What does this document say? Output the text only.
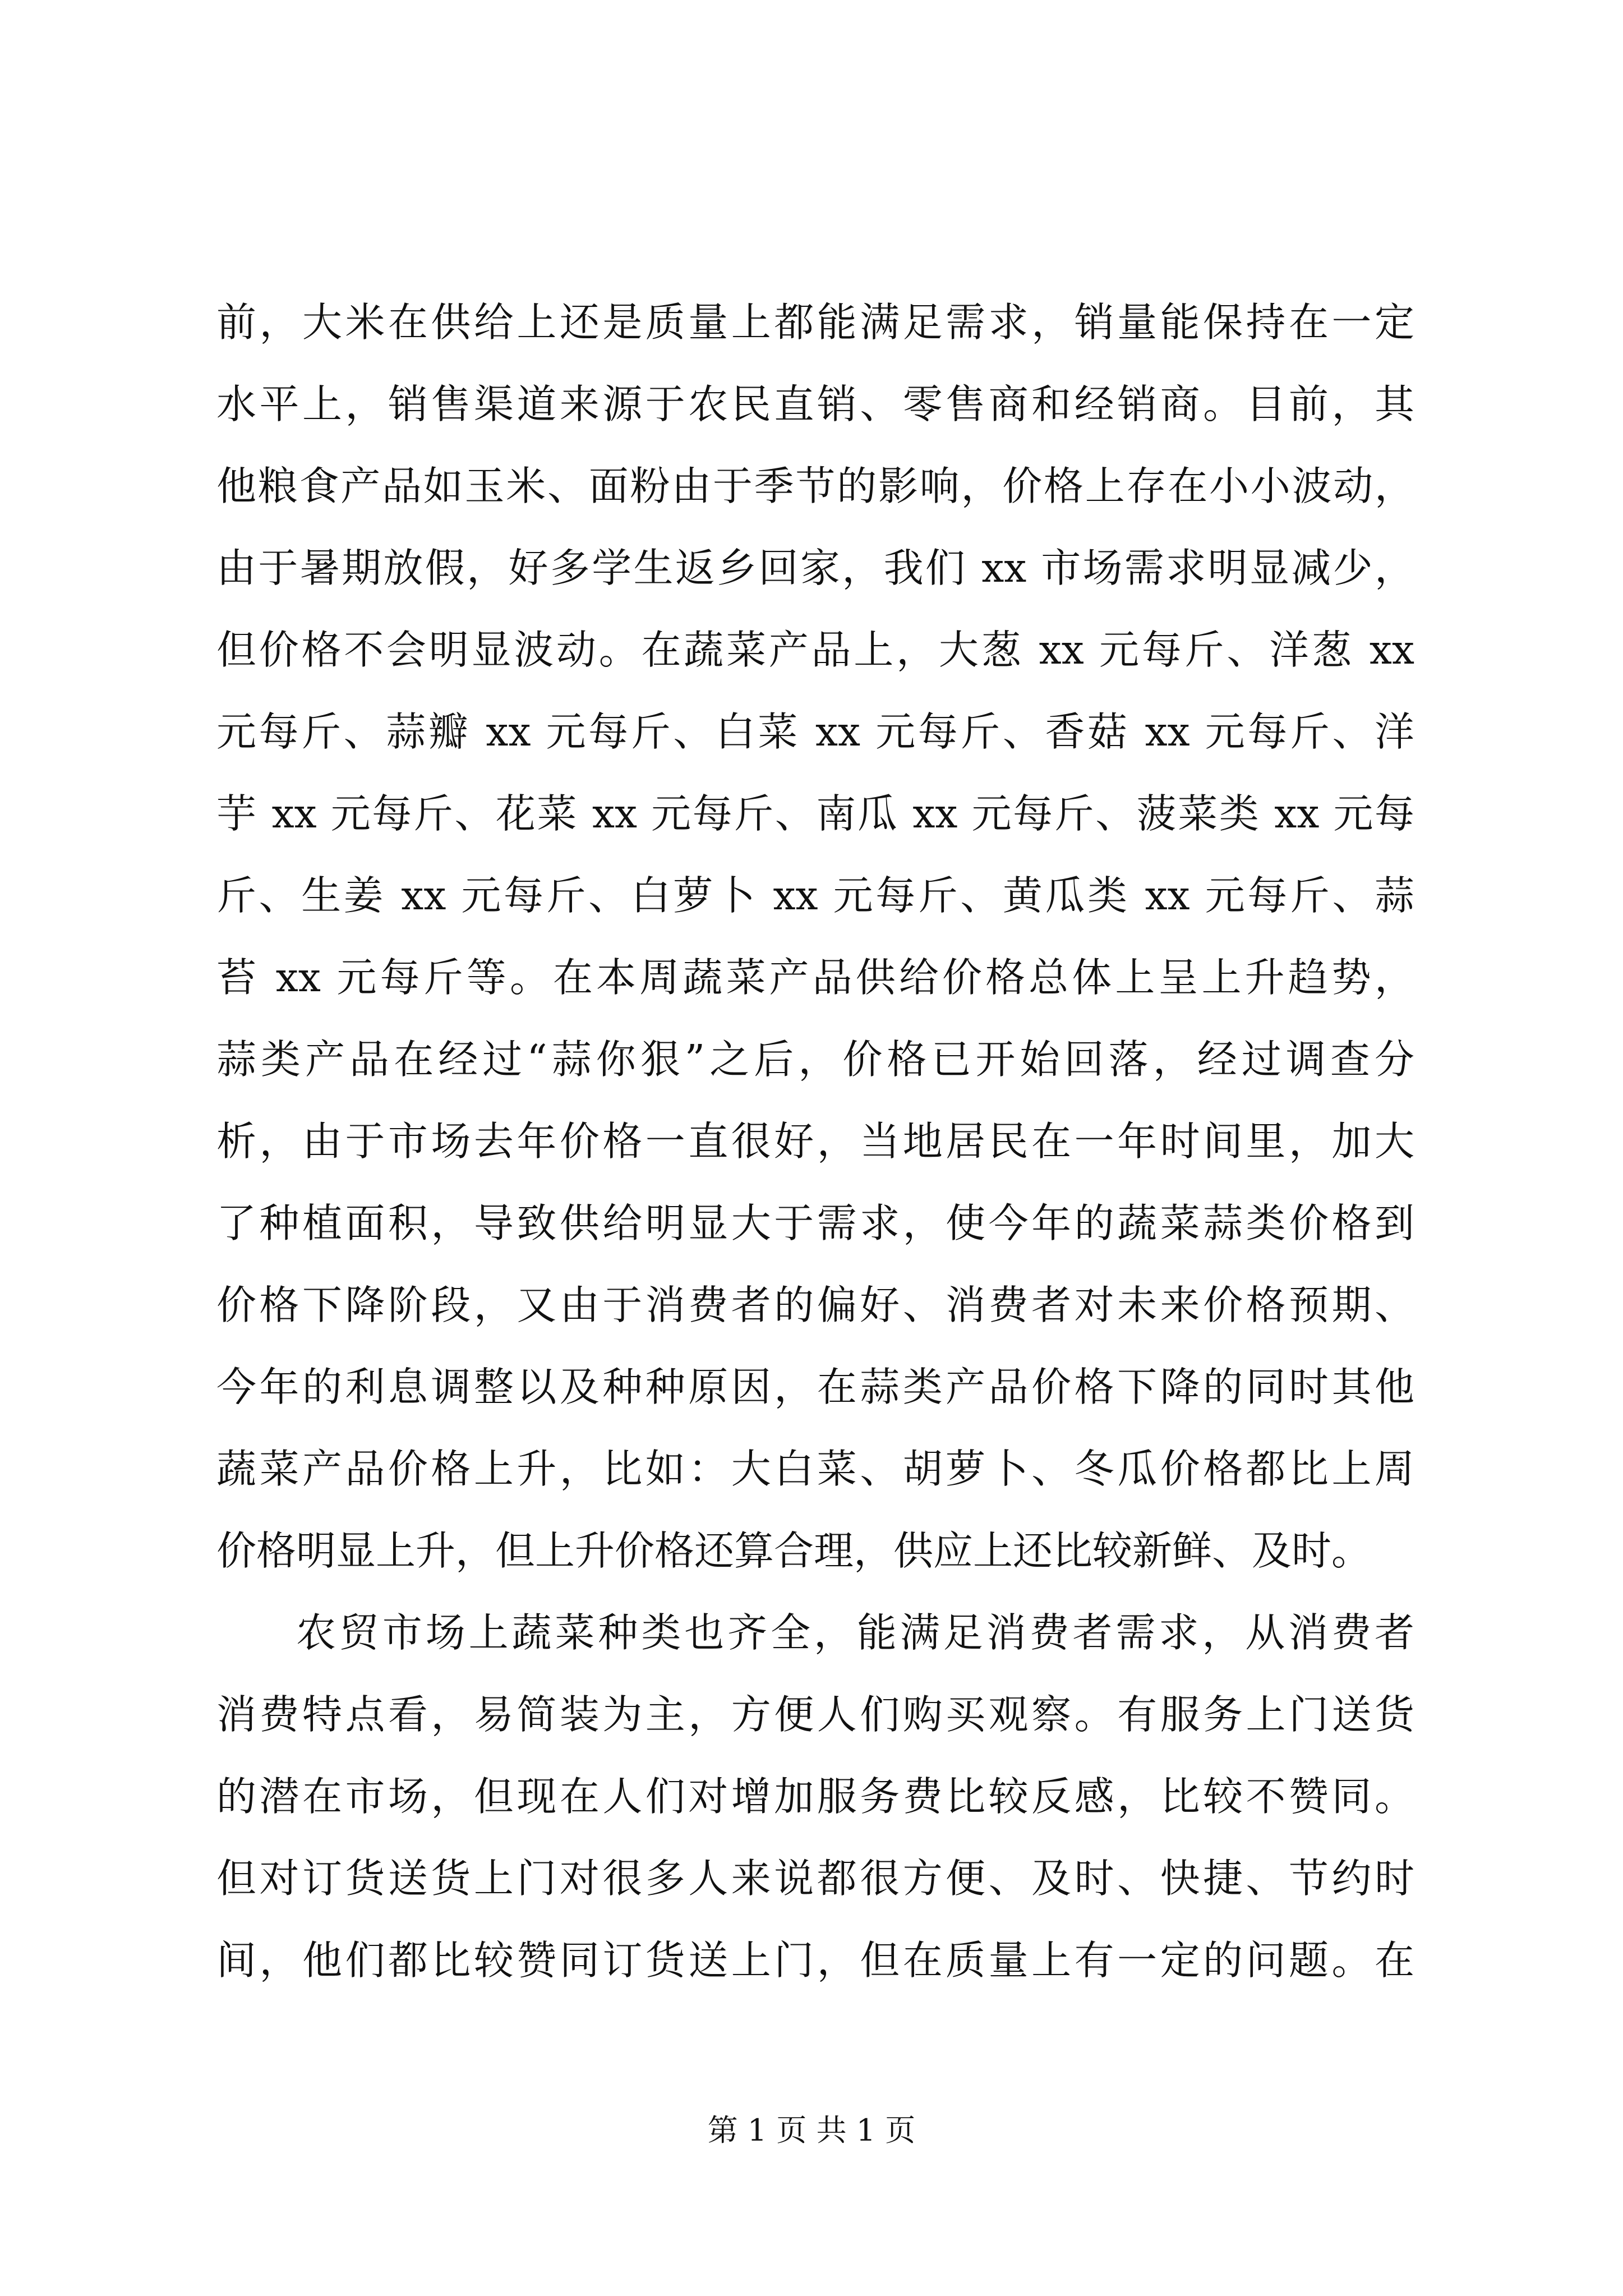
前，大米在供给上还是质量上都能满足需求，销量能保持在一定
水平上，销售渠道来源于农民直销、零售商和经销商。目前，其
他粮食产品如玉米、面粉由于季节的影响，价格上存在小小波动，
由于暑期放假，好多学生返乡回家，我们 xx 市场需求明显减少，
但价格不会明显波动。在蔬菜产品上，大葱 xx 元每斤、洋葱 xx
元每斤、蒜瓣 xx 元每斤、白菜 xx 元每斤、香菇 xx 元每斤、洋
芋 xx 元每斤、花菜 xx 元每斤、南瓜 xx 元每斤、菠菜类 xx 元每
斤、生姜 xx 元每斤、白萝卜 xx 元每斤、黄瓜类 xx 元每斤、蒜
苔 xx 元每斤等。在本周蔬菜产品供给价格总体上呈上升趋势，
蒜类产品在经过“蒜你狠”之后，价格已开始回落，经过调查分
析，由于市场去年价格一直很好，当地居民在一年时间里，加大
了种植面积，导致供给明显大于需求，使今年的蔬菜蒜类价格到
价格下降阶段，又由于消费者的偏好、消费者对未来价格预期、
今年的利息调整以及种种原因，在蒜类产品价格下降的同时其他
蔬菜产品价格上升，比如：大白菜、胡萝卜、冬瓜价格都比上周
价格明显上升，但上升价格还算合理，供应上还比较新鲜、及时。
农贸市场上蔬菜种类也齐全，能满足消费者需求，从消费者
消费特点看，易简装为主，方便人们购买观察。有服务上门送货
的潜在市场，但现在人们对增加服务费比较反感，比较不赞同。
但对订货送货上门对很多人来说都很方便、及时、快捷、节约时
间，他们都比较赞同订货送上门，但在质量上有一定的问题。在
第 1 页 共 1 页
